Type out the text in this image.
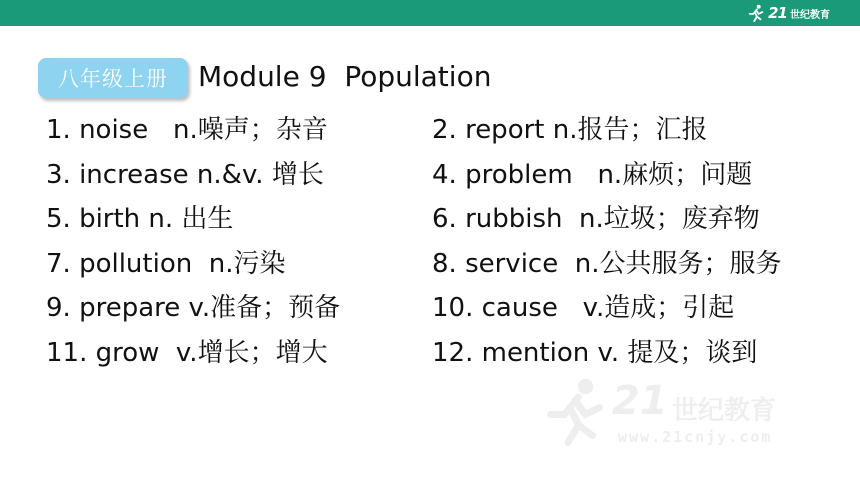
21 世纪教育
八年级上册	Module 9  Population
1. noise   n.噪声；杂音
3. increase n.&v. 增长
5. birth n. 出生
7. pollution  n.污染
9. prepare v.准备；预备
11. grow  v.增长；增大
2. report n.报告；汇报
4. problem   n.麻烦；问题
6. rubbish  n.垃圾；废弃物
8. service  n.公共服务；服务
10. cause   v.造成；引起
12. mention v. 提及；谈到
21 世纪教育
www.21cnjy.com
